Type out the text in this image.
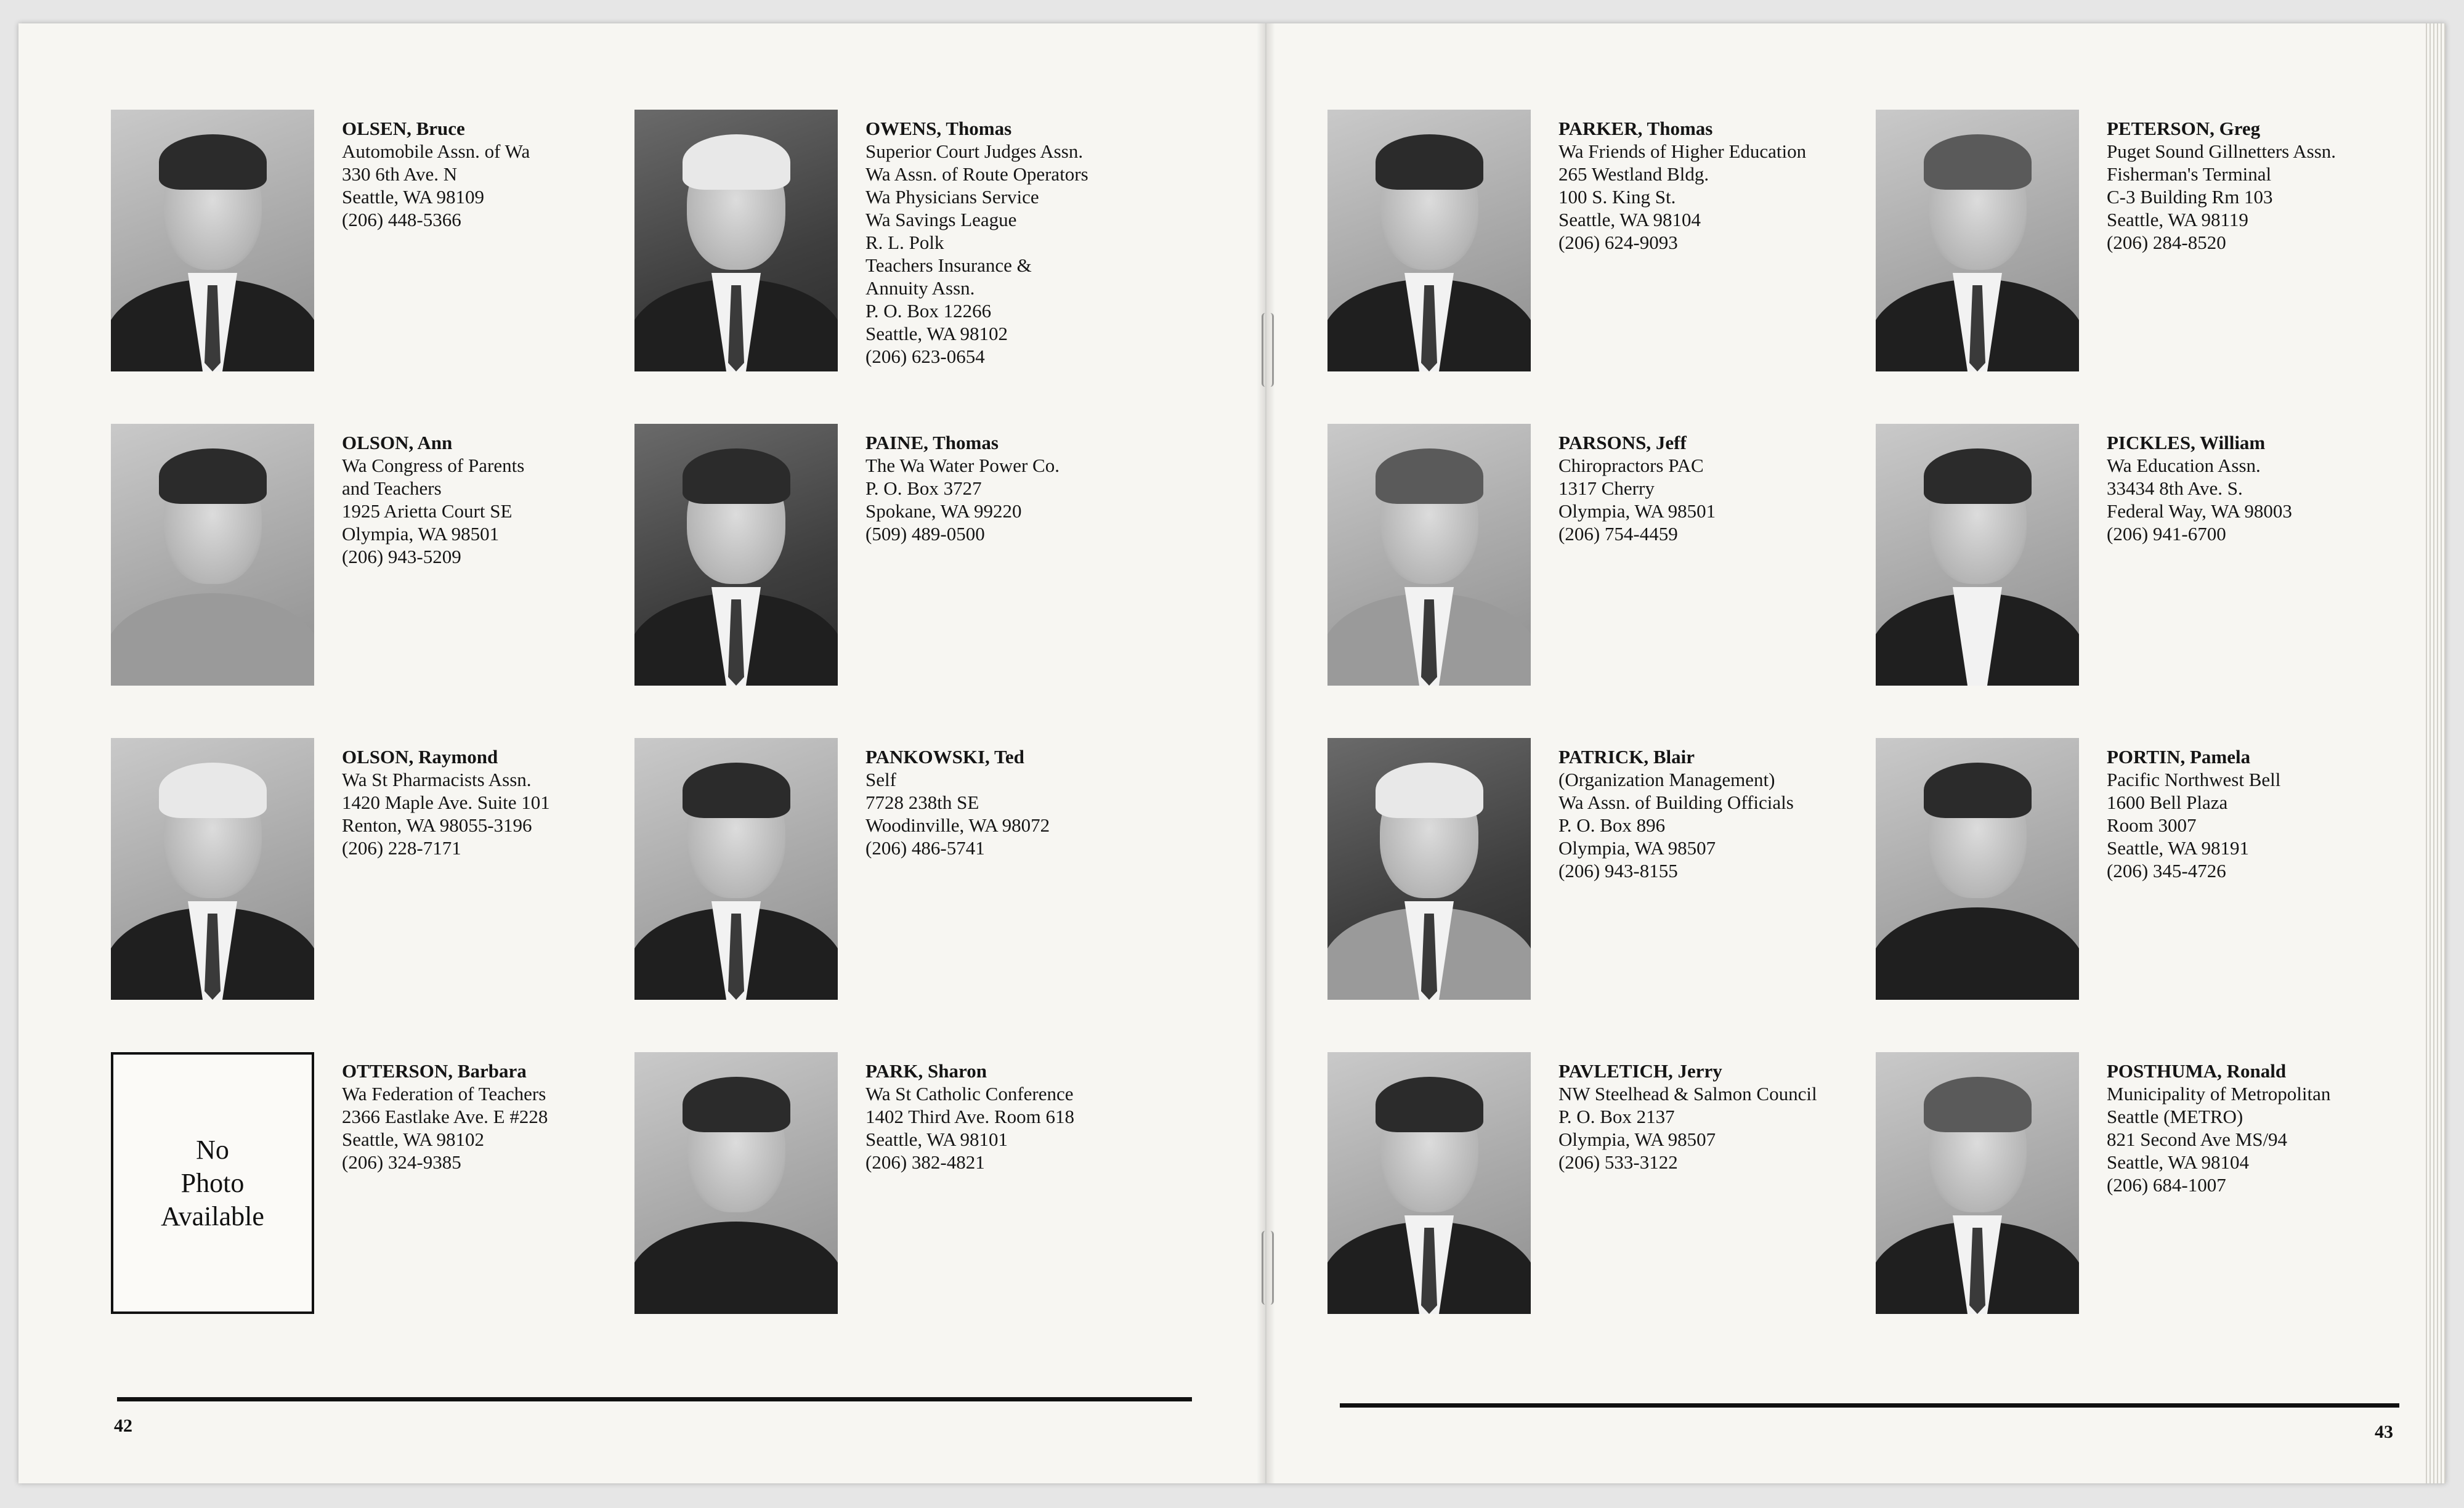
OLSEN, Bruce
Automobile Assn. of Wa
330 6th Ave. N
Seattle, WA 98109
(206) 448-5366
OWENS, Thomas
Superior Court Judges Assn.
Wa Assn. of Route Operators
Wa Physicians Service
Wa Savings League
R. L. Polk
Teachers Insurance &
Annuity Assn.
P. O. Box 12266
Seattle, WA 98102
(206) 623-0654
OLSON, Ann
Wa Congress of Parents
and Teachers
1925 Arietta Court SE
Olympia, WA 98501
(206) 943-5209
PAINE, Thomas
The Wa Water Power Co.
P. O. Box 3727
Spokane, WA 99220
(509) 489-0500
OLSON, Raymond
Wa St Pharmacists Assn.
1420 Maple Ave. Suite 101
Renton, WA 98055-3196
(206) 228-7171
PANKOWSKI, Ted
Self
7728 238th SE
Woodinville, WA 98072
(206) 486-5741
No
Photo
Available
OTTERSON, Barbara
Wa Federation of Teachers
2366 Eastlake Ave. E #228
Seattle, WA 98102
(206) 324-9385
PARK, Sharon
Wa St Catholic Conference
1402 Third Ave. Room 618
Seattle, WA 98101
(206) 382-4821
42
PARKER, Thomas
Wa Friends of Higher Education
265 Westland Bldg.
100 S. King St.
Seattle, WA 98104
(206) 624-9093
PETERSON, Greg
Puget Sound Gillnetters Assn.
Fisherman's Terminal
C-3 Building Rm 103
Seattle, WA 98119
(206) 284-8520
PARSONS, Jeff
Chiropractors PAC
1317 Cherry
Olympia, WA 98501
(206) 754-4459
PICKLES, William
Wa Education Assn.
33434 8th Ave. S.
Federal Way, WA 98003
(206) 941-6700
PATRICK, Blair
(Organization Management)
Wa Assn. of Building Officials
P. O. Box 896
Olympia, WA 98507
(206) 943-8155
PORTIN, Pamela
Pacific Northwest Bell
1600 Bell Plaza
Room 3007
Seattle, WA 98191
(206) 345-4726
PAVLETICH, Jerry
NW Steelhead & Salmon Council
P. O. Box 2137
Olympia, WA 98507
(206) 533-3122
POSTHUMA, Ronald
Municipality of Metropolitan
Seattle (METRO)
821 Second Ave MS/94
Seattle, WA 98104
(206) 684-1007
43
